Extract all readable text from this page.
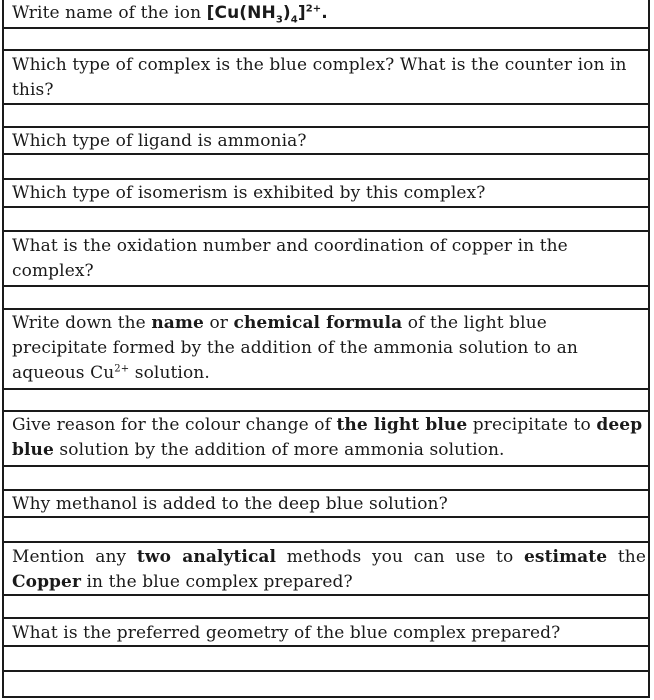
Write name of the ion $[Cu(NH_3)_4]^{2+}$.
Which type of complex is the blue complex? What is the counter ion in this?
Which type of ligand is ammonia?
Which type of isomerism is exhibited by this complex?
What is the oxidation number and coordination of copper in the complex?
Write down the name or chemical formula of the light blue precipitate formed by the addition of the ammonia solution to an aqueous $Cu^{2+}$ solution.
Give reason for the colour change of the light blue precipitate to deep blue solution by the addition of more ammonia solution.
Why methanol is added to the deep blue solution?
Mention any two analytical methods you can use to estimate the Copper in the blue complex prepared?
What is the preferred geometry of the blue complex prepared?
